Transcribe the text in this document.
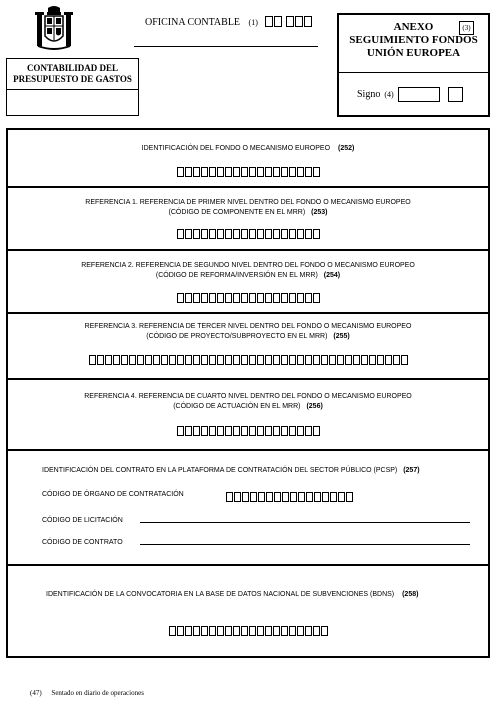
OFICINA CONTABLE (1)
CONTABILIDAD DEL PRESUPUESTO DE GASTOS
ANEXO
SEGUIMIENTO FONDOS
UNIÓN EUROPEA
(3)
Signo (4)
IDENTIFICACIÓN DEL FONDO O MECANISMO EUROPEO (252)
REFERENCIA 1. REFERENCIA DE PRIMER NIVEL DENTRO DEL FONDO O MECANISMO EUROPEO
(CÓDIGO DE COMPONENTE EN EL MRR) (253)
REFERENCIA 2. REFERENCIA DE SEGUNDO NIVEL DENTRO DEL FONDO O MECANISMO EUROPEO
(CÓDIGO DE REFORMA/INVERSIÓN EN EL MRR) (254)
REFERENCIA 3. REFERENCIA DE TERCER NIVEL DENTRO DEL FONDO O MECANISMO EUROPEO
(CÓDIGO DE PROYECTO/SUBPROYECTO EN EL MRR) (255)
REFERENCIA 4. REFERENCIA DE CUARTO NIVEL DENTRO DEL FONDO O MECANISMO EUROPEO
(CÓDIGO DE ACTUACIÓN EN EL MRR) (256)
IDENTIFICACIÓN DEL CONTRATO EN LA PLATAFORMA DE CONTRATACIÓN DEL SECTOR PÚBLICO (PCSP) (257)
CÓDIGO DE ÓRGANO DE CONTRATACIÓN
CÓDIGO DE LICITACIÓN
CÓDIGO DE CONTRATO
IDENTIFICACIÓN DE LA CONVOCATORIA EN LA BASE DE DATOS NACIONAL DE SUBVENCIONES (BDNS) (258)
(47) Sentado en diario de operaciones
